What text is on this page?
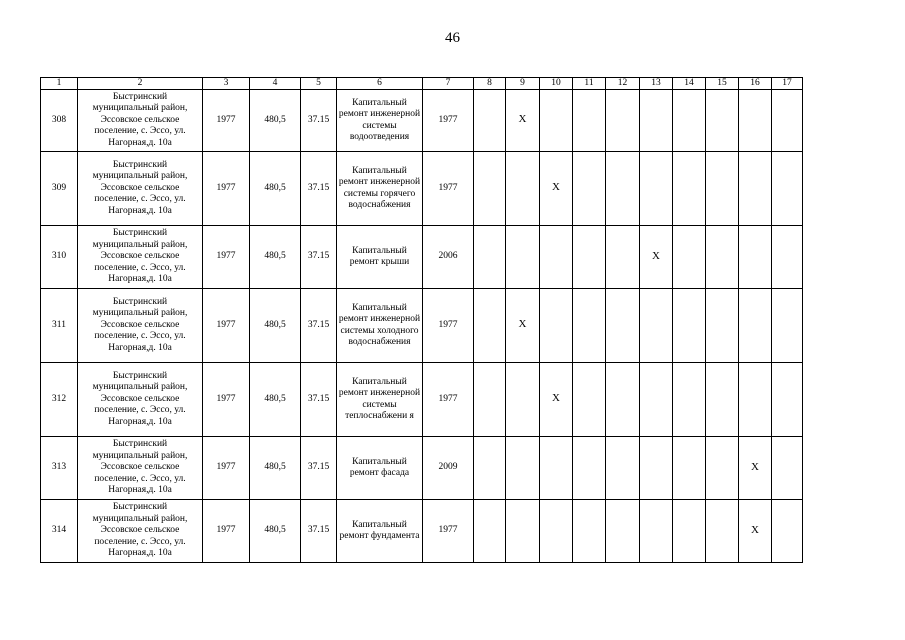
46
1	2	3	4	5	6	7	8	9	10	11	12	13	14	15	16	17
308	Быстринский муниципальный район, Эссовское сельское поселение, с. Эссо, ул. Нагорная,д. 10а	1977	480,5	37.15	Капитальный ремонт инженерной системы водоотведения	1977		X								
309	Быстринский муниципальный район, Эссовское сельское поселение, с. Эссо, ул. Нагорная,д. 10а	1977	480,5	37.15	Капитальный ремонт инженерной системы горячего водоснабжения	1977			X							
310	Быстринский муниципальный район, Эссовское сельское поселение, с. Эссо, ул. Нагорная,д. 10а	1977	480,5	37.15	Капитальный ремонт крыши	2006						X				
311	Быстринский муниципальный район, Эссовское сельское поселение, с. Эссо, ул. Нагорная,д. 10а	1977	480,5	37.15	Капитальный ремонт инженерной системы холодного водоснабжения	1977		X								
312	Быстринский муниципальный район, Эссовское сельское поселение, с. Эссо, ул. Нагорная,д. 10а	1977	480,5	37.15	Капитальный ремонт инженерной системы теплоснабжени я	1977			X							
313	Быстринский муниципальный район, Эссовское сельское поселение, с. Эссо, ул. Нагорная,д. 10а	1977	480,5	37.15	Капитальный ремонт фасада	2009									X	
314	Быстринский муниципальный район, Эссовское сельское поселение, с. Эссо, ул. Нагорная,д. 10а	1977	480,5	37.15	Капитальный ремонт фундамента	1977									X	
